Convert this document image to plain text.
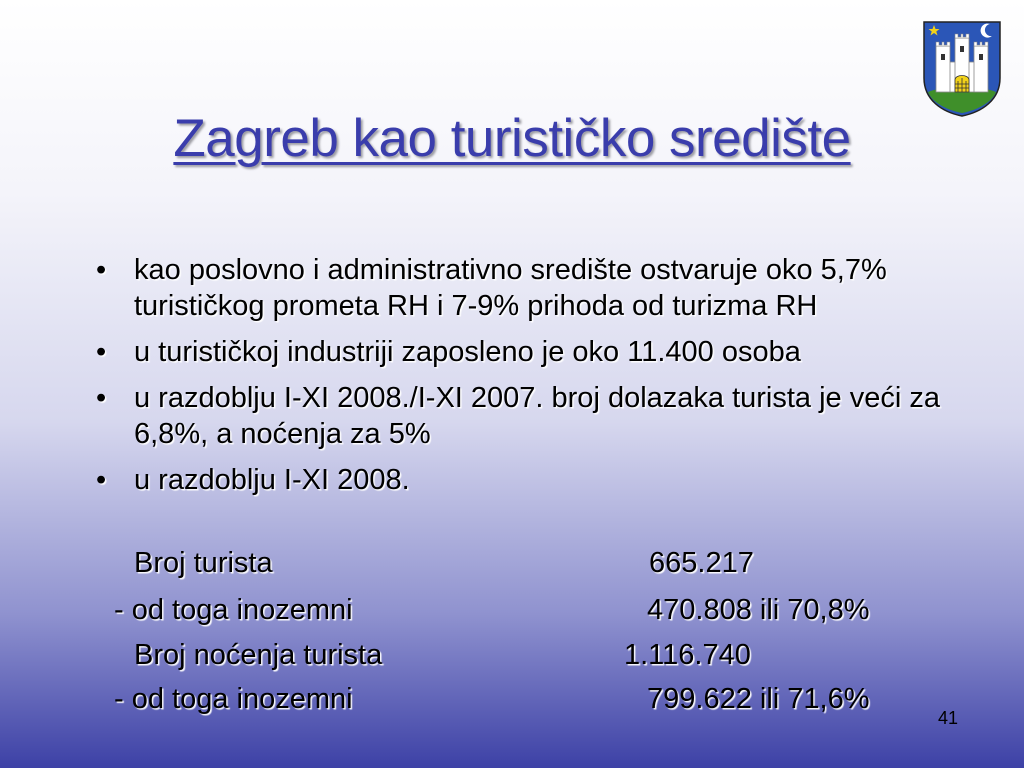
Zagreb kao turističko središte
• kao poslovno i administrativno središte ostvaruje oko 5,7% turističkog prometa RH i 7-9% prihoda od turizma RH
• u turističkoj industriji zaposleno je oko 11.400 osoba
• u razdoblju I-XI 2008./I-XI 2007. broj dolazaka turista je veći za 6,8%, a noćenja za 5%
• u razdoblju I-XI 2008.
Broj turista	665.217
- od toga inozemni	470.808 ili 70,8%
Broj noćenja turista	1.116.740
- od toga inozemni	799.622 ili 71,6%
41
